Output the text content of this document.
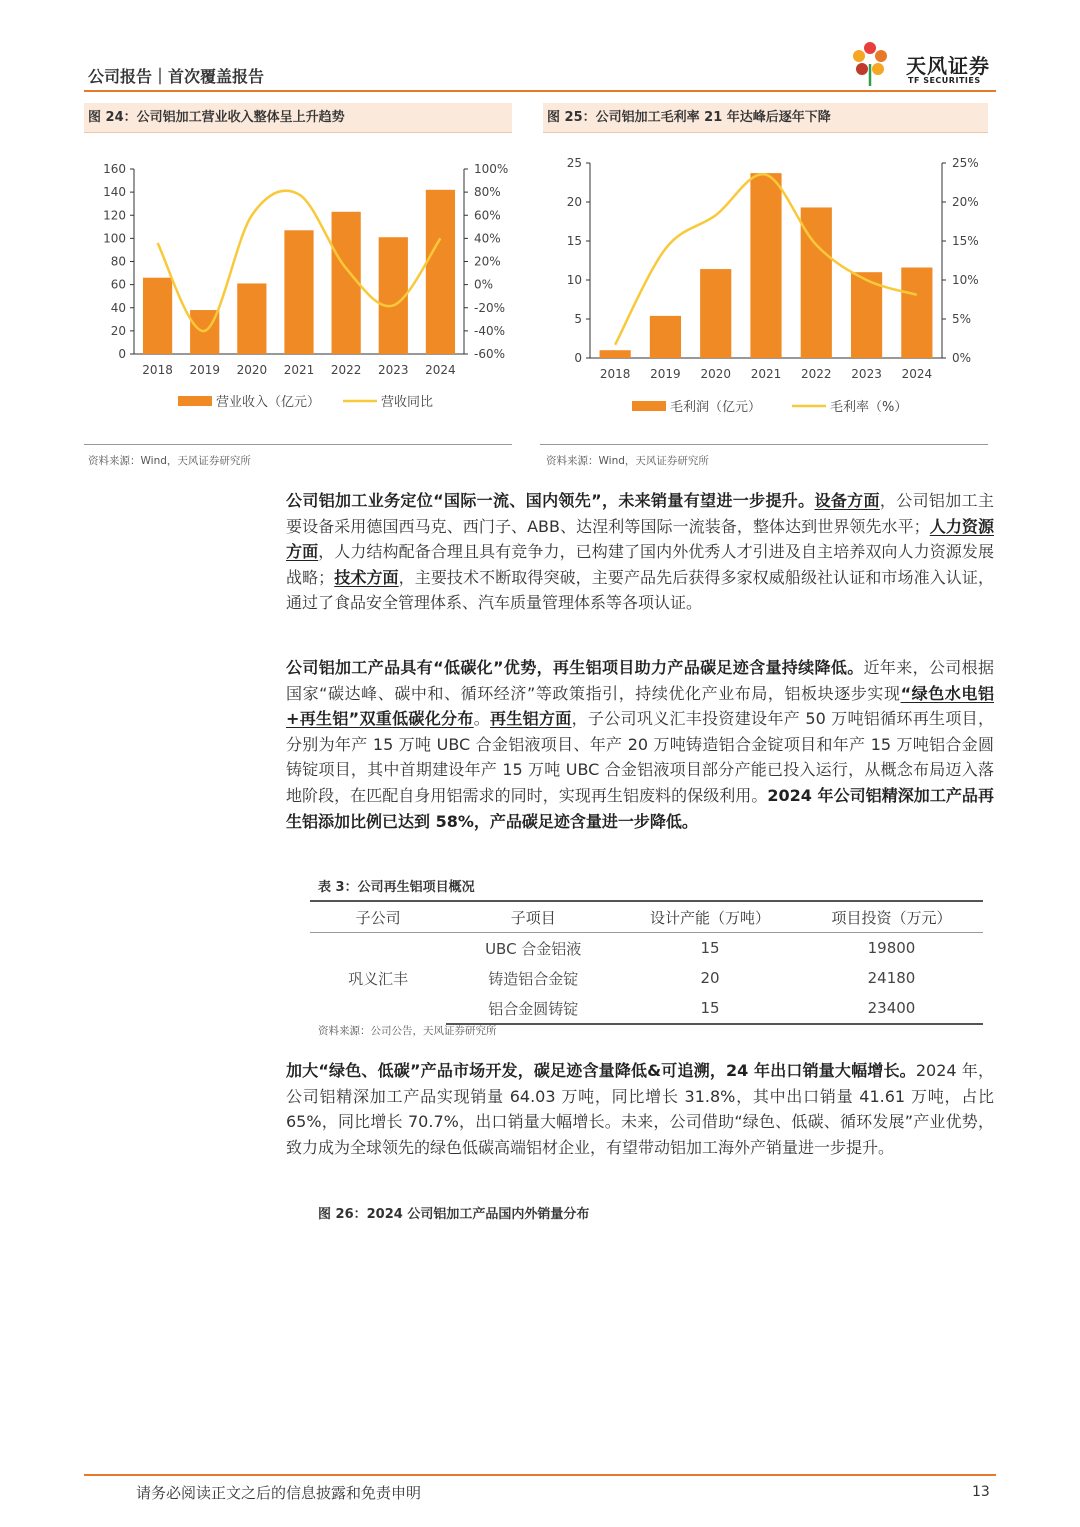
公司报告｜首次覆盖报告	天风证券
TF SECURITIES
图 24：公司铝加工营业收入整体呈上升趋势
0
20
40
60
80
100
120
140
160
-60%
-40%
-20%
0%
20%
40%
60%
80%
100%
2018 2019 2020 2021 2022 2023 2024
营业收入（亿元）	营收同比
资料来源：Wind，天风证券研究所
图 25：公司铝加工毛利率 21 年达峰后逐年下降
0
5
10
15
20
25
0%
5%
10%
15%
20%
25%
2018 2019 2020 2021 2022 2023 2024
毛利润（亿元）	毛利率（%）
资料来源：Wind，天风证券研究所
公司铝加工业务定位“国际一流、国内领先”，未来销量有望进一步提升。设备方面，公司铝加工主要设备采用德国西马克、西门子、ABB、达涅利等国际一流装备，整体达到世界领先水平；人力资源方面，人力结构配备合理且具有竞争力，已构建了国内外优秀人才引进及自主培养双向人力资源发展战略；技术方面，主要技术不断取得突破，主要产品先后获得多家权威船级社认证和市场准入认证，通过了食品安全管理体系、汽车质量管理体系等各项认证。
公司铝加工产品具有“低碳化”优势，再生铝项目助力产品碳足迹含量持续降低。近年来，公司根据国家“碳达峰、碳中和、循环经济”等政策指引，持续优化产业布局，铝板块逐步实现“绿色水电铝+再生铝”双重低碳化分布。再生铝方面，子公司巩义汇丰投资建设年产 50 万吨铝循环再生项目，分别为年产 15 万吨 UBC 合金铝液项目、年产 20 万吨铸造铝合金锭项目和年产 15 万吨铝合金圆铸锭项目，其中首期建设年产 15 万吨 UBC 合金铝液项目部分产能已投入运行，从概念布局迈入落地阶段，在匹配自身用铝需求的同时，实现再生铝废料的保级利用。2024 年公司铝精深加工产品再生铝添加比例已达到 58%，产品碳足迹含量进一步降低。
表 3：公司再生铝项目概况
子公司	子项目	设计产能（万吨）	项目投资（万元）
巩义汇丰	UBC 合金铝液	15	19800
	铸造铝合金锭	20	24180
	铝合金圆铸锭	15	23400
资料来源：公司公告，天风证券研究所
加大“绿色、低碳”产品市场开发，碳足迹含量降低&可追溯，24 年出口销量大幅增长。2024 年，公司铝精深加工产品实现销量 64.03 万吨，同比增长 31.8%，其中出口销量 41.61 万吨，占比 65%，同比增长 70.7%，出口销量大幅增长。未来，公司借助“绿色、低碳、循环发展”产业优势，致力成为全球领先的绿色低碳高端铝材企业，有望带动铝加工海外产销量进一步提升。
图 26：2024 公司铝加工产品国内外销量分布
请务必阅读正文之后的信息披露和免责申明	13
